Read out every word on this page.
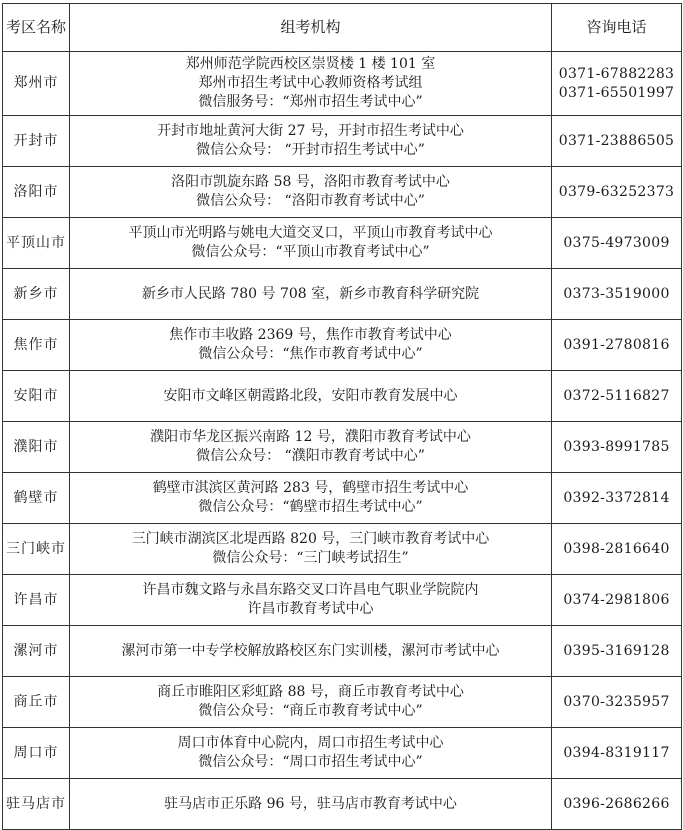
考区名称	组考机构	咨询电话
郑州市	郑州师范学院西校区崇贤楼 1 楼 101 室
郑州市招生考试中心教师资格考试组
微信服务号：“郑州市招生考试中心”	0371-67882283
0371-65501997

开封市	开封市地址黄河大街 27 号，开封市招生考试中心
微信公众号： “开封市招生考试中心”	0371-23886505

洛阳市	洛阳市凯旋东路 58 号，洛阳市教育考试中心
微信公众号： “洛阳市教育考试中心”	0379-63252373

平顶山市	平顶山市光明路与姚电大道交叉口，平顶山市教育考试中心
微信公众号：“平顶山市教育考试中心”	0375-4973009

新乡市	新乡市人民路 780 号 708 室，新乡市教育科学研究院	0373-3519000

焦作市	焦作市丰收路 2369 号，焦作市教育考试中心
微信公众号：“焦作市教育考试中心”	0391-2780816

安阳市	安阳市文峰区朝霞路北段，安阳市教育发展中心	0372-5116827

濮阳市	濮阳市华龙区振兴南路 12 号，濮阳市教育考试中心
微信公众号： “濮阳市教育考试中心”	0393-8991785

鹤壁市	鹤壁市淇滨区黄河路 283 号，鹤壁市招生考试中心
微信公众号：“鹤壁市招生考试中心”	0392-3372814

三门峡市	三门峡市湖滨区北堤西路 820 号，三门峡市教育考试中心
微信公众号：“三门峡考试招生”	0398-2816640

许昌市	许昌市魏文路与永昌东路交叉口许昌电气职业学院院内
许昌市教育考试中心	0374-2981806

漯河市	漯河市第一中专学校解放路校区东门实训楼，漯河市考试中心	0395-3169128

商丘市	商丘市睢阳区彩虹路 88 号，商丘市教育考试中心
微信公众号：“商丘市教育考试中心”	0370-3235957

周口市	周口市体育中心院内，周口市招生考试中心
微信公众号：“周口市招生考试中心”	0394-8319117

驻马店市	驻马店市正乐路 96 号，驻马店市教育考试中心	0396-2686266
